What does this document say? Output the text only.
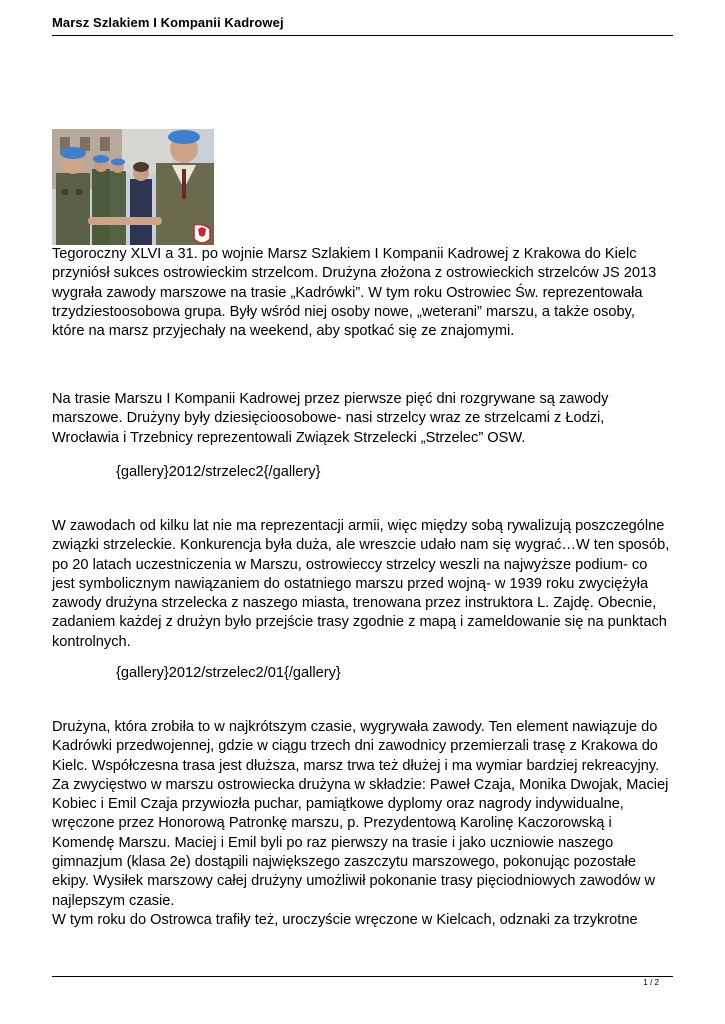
Marsz Szlakiem I Kompanii Kadrowej

Tegoroczny XLVI a 31. po wojnie Marsz Szlakiem I Kompanii Kadrowej z Krakowa do Kielc
przyniósł sukces ostrowieckim strzelcom. Drużyna złożona z ostrowieckich strzelców JS 2013
wygrała zawody marszowe na trasie „Kadrówki”. W tym roku Ostrowiec Św. reprezentowała
trzydziestoosobowa grupa. Były wśród niej osoby nowe, „weterani” marszu, a także osoby,
które na marsz przyjechały na weekend, aby spotkać się ze znajomymi.

Na trasie Marszu I Kompanii Kadrowej przez pierwsze pięć dni rozgrywane są zawody
marszowe. Drużyny były dziesięcioosobowe- nasi strzelcy wraz ze strzelcami z Łodzi,
Wrocławia i Trzebnicy reprezentowali Związek Strzelecki „Strzelec” OSW.

{gallery}2012/strzelec2{/gallery}

W zawodach od kilku lat nie ma reprezentacji armii, więc między sobą rywalizują poszczególne
związki strzeleckie. Konkurencja była duża, ale wreszcie udało nam się wygrać…W ten sposób,
po 20 latach uczestniczenia w Marszu, ostrowieccy strzelcy weszli na najwyższe podium- co
jest symbolicznym nawiązaniem do ostatniego marszu przed wojną- w 1939 roku zwyciężyła
zawody drużyna strzelecka z naszego miasta, trenowana przez instruktora L. Zajdę. Obecnie,
zadaniem każdej z drużyn było przejście trasy zgodnie z mapą i zameldowanie się na punktach
kontrolnych.

{gallery}2012/strzelec2/01{/gallery}

Drużyna, która zrobiła to w najkrótszym czasie, wygrywała zawody. Ten element nawiązuje do
Kadrówki przedwojennej, gdzie w ciągu trzech dni zawodnicy przemierzali trasę z Krakowa do
Kielc. Współczesna trasa jest dłuższa, marsz trwa też dłużej i ma wymiar bardziej rekreacyjny.
Za zwycięstwo w marszu ostrowiecka drużyna w składzie: Paweł Czaja, Monika Dwojak, Maciej
Kobiec i Emil Czaja przywiozła puchar, pamiątkowe dyplomy oraz nagrody indywidualne,
wręczone przez Honorową Patronkę marszu, p. Prezydentową Karolinę Kaczorowską i
Komendę Marszu. Maciej i Emil byli po raz pierwszy na trasie i jako uczniowie naszego
gimnazjum (klasa 2e) dostąpili największego zaszczytu marszowego, pokonując pozostałe
ekipy. Wysiłek marszowy całej drużyny umożliwił pokonanie trasy pięciodniowych zawodów w
najlepszym czasie.
W tym roku do Ostrowca trafiły też, uroczyście wręczone w Kielcach, odznaki za trzykrotne

1 / 2
